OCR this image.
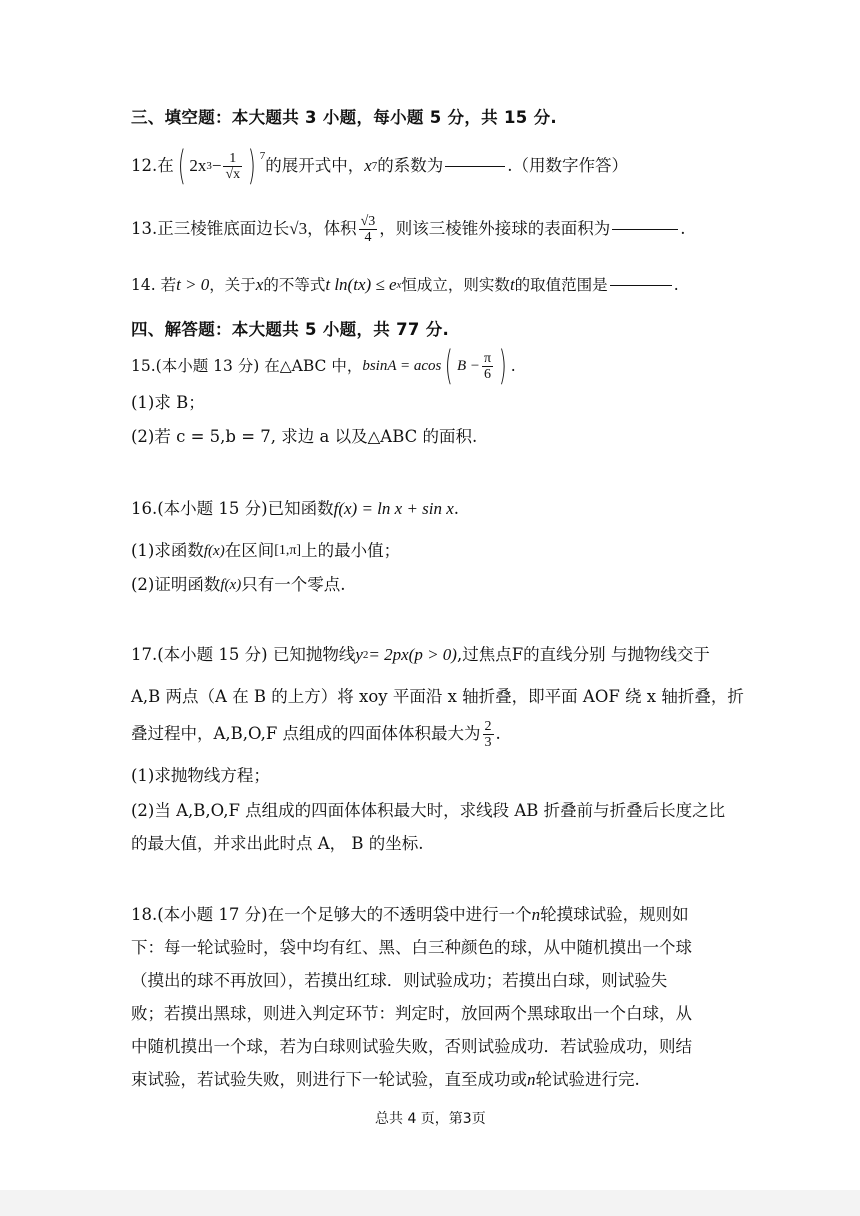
三、填空题：本大题共 3 小题，每小题 5 分，共 15 分.
12.在 ( 2x $3 - \frac{1}{√x}$ ) 7 的展开式中， x 7 的系数为	.（用数字作答）
13.正三棱锥底面边长 √3 ，体积 $\frac{√3}{4}$ ，则该三棱锥外接球的表面积为	.
14. 若 t > 0 ，关于 x 的不等式 t ln(tx) ≤ e x 恒成立，则实数 t 的取值范围是	.
四、解答题：本大题共 5 小题，共 77 分.
15.(本小题 13 分) 在△ABC 中， bsinA = acos ( $B - \frac{\pi}{6}$ ) .
(1)求 B；
(2)若 c = 5,b = 7, 求边 a 以及△ABC 的面积.
16.(本小题 15 分)已知函数 f(x) = ln x + sin x .
(1)求函数 f(x) 在区间 [1,π] 上的最小值；
(2)证明函数 f(x) 只有一个零点.
17.(本小题 15 分) 已知抛物线 y 2 = 2px(p > 0) ,过焦点F的直线分别 与抛物线交于
A,B 两点（A 在 B 的上方）将 xoy 平面沿 x 轴折叠，即平面 AOF 绕 x 轴折叠，折
叠过程中，A,B,O,F 点组成的四面体体积最大为 $\frac{2}{3}$ .
(1)求抛物线方程；
(2)当 A,B,O,F 点组成的四面体体积最大时，求线段 AB 折叠前与折叠后长度之比
的最大值，并求出此时点 A， B 的坐标.
18.(本小题 17 分)在一个足够大的不透明袋中进行一个 n 轮摸球试验，规则如
下：每一轮试验时，袋中均有红、黑、白三种颜色的球，从中随机摸出一个球
（摸出的球不再放回），若摸出红球．则试验成功；若摸出白球，则试验失
败；若摸出黑球，则进入判定环节：判定时，放回两个黑球取出一个白球，从
中随机摸出一个球，若为白球则试验失败，否则试验成功．若试验成功，则结
束试验，若试验失败，则进行下一轮试验，直至成功或 n 轮试验进行完.
总共 4 页，第3页
